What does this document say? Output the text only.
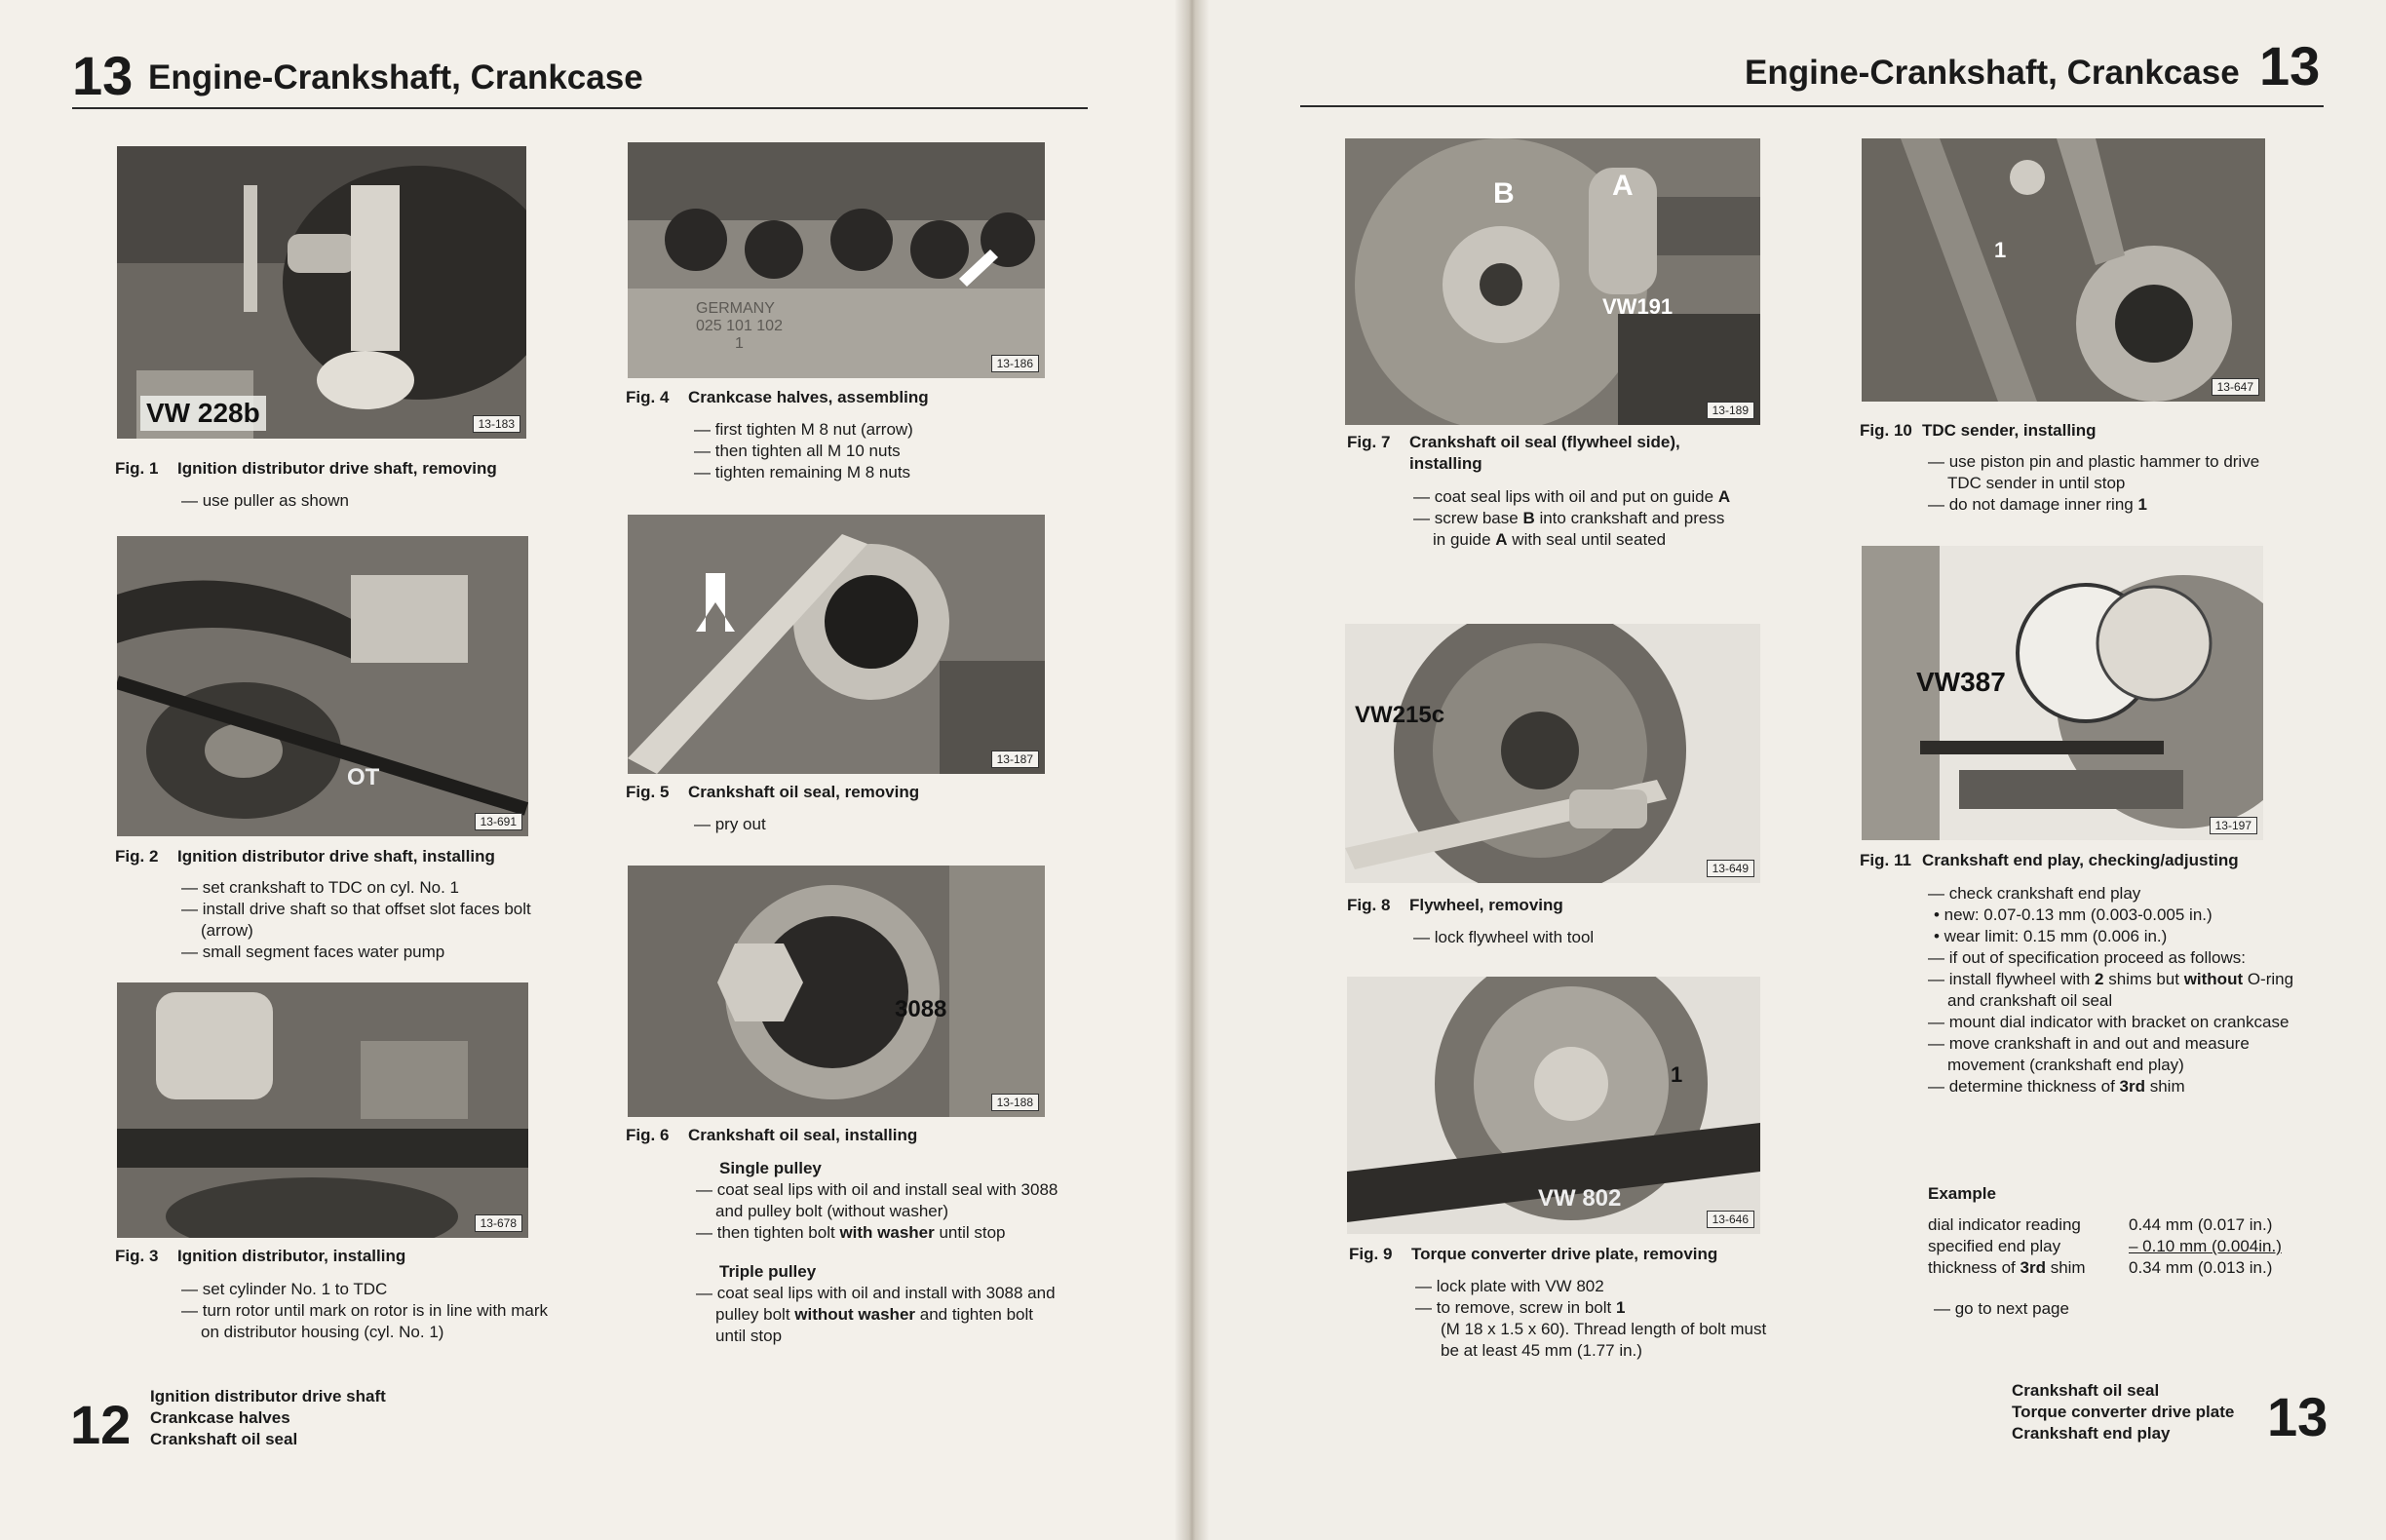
13 Engine-Crankshaft, Crankcase	Engine-Crankshaft, Crankcase 13
VW 228b	13-183
Fig. 1 Ignition distributor drive shaft, removing
— use puller as shown
OT
13-691
Fig. 2 Ignition distributor drive shaft, installing
— set crankshaft to TDC on cyl. No. 1
— install drive shaft so that offset slot faces bolt (arrow)
— small segment faces water pump
13-678
Fig. 3 Ignition distributor, installing
— set cylinder No. 1 to TDC
— turn rotor until mark on rotor is in line with mark on distributor housing (cyl. No. 1)
GERMANY
025 101 102
1
13-186
Fig. 4 Crankcase halves, assembling
— first tighten M 8 nut (arrow)
— then tighten all M 10 nuts
— tighten remaining M 8 nuts
13-187
Fig. 5 Crankshaft oil seal, removing
— pry out
3088
13-188
Fig. 6 Crankshaft oil seal, installing
Single pulley
— coat seal lips with oil and install seal with 3088 and pulley bolt (without washer)
— then tighten bolt with washer until stop
Triple pulley
— coat seal lips with oil and install with 3088 and pulley bolt without washer and tighten bolt until stop
B	A
VW191
13-189
Fig. 7 Crankshaft oil seal (flywheel side), installing
— coat seal lips with oil and put on guide A
— screw base B into crankshaft and press in guide A with seal until seated
VW215c
13-649
Fig. 8 Flywheel, removing
— lock flywheel with tool
VW 802
1
13-646
Fig. 9 Torque converter drive plate, removing
— lock plate with VW 802
— to remove, screw in bolt 1
(M 18 x 1.5 x 60). Thread length of bolt must be at least 45 mm (1.77 in.)
1
13-647
Fig. 10 TDC sender, installing
— use piston pin and plastic hammer to drive TDC sender in until stop
— do not damage inner ring 1
VW387
13-197
Fig. 11 Crankshaft end play, checking/adjusting
— check crankshaft end play
• new: 0.07-0.13 mm (0.003-0.005 in.)
• wear limit: 0.15 mm (0.006 in.)
— if out of specification proceed as follows:
— install flywheel with 2 shims but without O-ring and crankshaft oil seal
— mount dial indicator with bracket on crankcase
— move crankshaft in and out and measure movement (crankshaft end play)
— determine thickness of 3rd shim
Example
dial indicator reading	0.44 mm (0.017 in.)
specified end play	– 0.10 mm (0.004in.)
thickness of 3rd shim	0.34 mm (0.013 in.)
— go to next page
12 Ignition distributor drive shaft
Crankcase halves
Crankshaft oil seal
Crankshaft oil seal
Torque converter drive plate
Crankshaft end play	13
